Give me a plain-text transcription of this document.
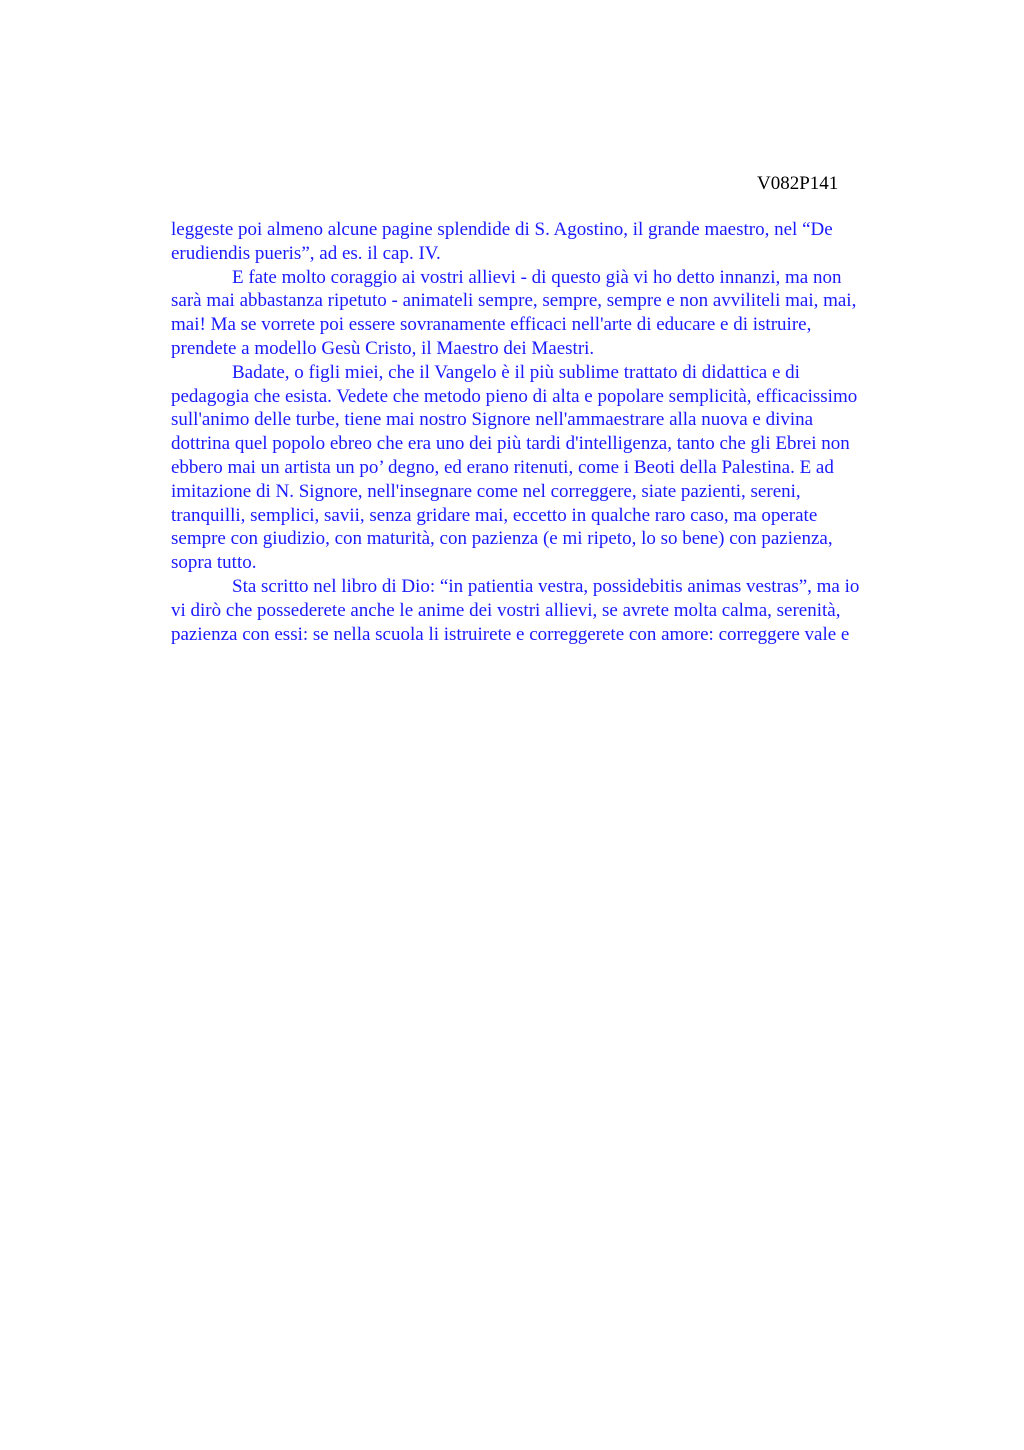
V082P141
leggeste poi almeno alcune pagine splendide di S. Agostino, il grande maestro, nel “De
erudiendis pueris”, ad es. il cap. IV.
E fate molto coraggio ai vostri allievi - di questo già vi ho detto innanzi, ma non
sarà mai abbastanza ripetuto - animateli sempre, sempre, sempre e non avviliteli mai, mai,
mai! Ma se vorrete poi essere sovranamente efficaci nell'arte di educare e di istruire,
prendete a modello Gesù Cristo, il Maestro dei Maestri.
Badate, o figli miei, che il Vangelo è il più sublime trattato di didattica e di
pedagogia che esista. Vedete che metodo pieno di alta e popolare semplicità, efficacissimo
sull'animo delle turbe, tiene mai nostro Signore nell'ammaestrare alla nuova e divina
dottrina quel popolo ebreo che era uno dei più tardi d'intelligenza, tanto che gli Ebrei non
ebbero mai un artista un po’ degno, ed erano ritenuti, come i Beoti della Palestina. E ad
imitazione di N. Signore, nell'insegnare come nel correggere, siate pazienti, sereni,
tranquilli, semplici, savii, senza gridare mai, eccetto in qualche raro caso, ma operate
sempre con giudizio, con maturità, con pazienza (e mi ripeto, lo so bene) con pazienza,
sopra tutto.
Sta scritto nel libro di Dio: “in patientia vestra, possidebitis animas vestras”, ma io
vi dirò che possederete anche le anime dei vostri allievi, se avrete molta calma, serenità,
pazienza con essi: se nella scuola li istruirete e correggerete con amore: correggere vale e
